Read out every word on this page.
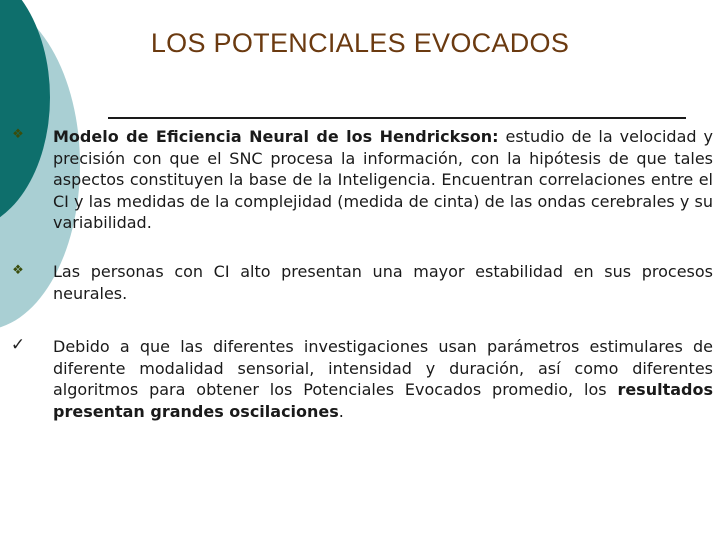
LOS POTENCIALES EVOCADOS
❖ Modelo de Eficiencia Neural de los Hendrickson: estudio de la velocidad y precisión con que el SNC procesa la información, con la hipótesis de que tales aspectos constituyen la base de la Inteligencia. Encuentran correlaciones entre el CI y las medidas de la complejidad (medida de cinta) de las ondas cerebrales y su variabilidad.
❖ Las personas con CI alto presentan una mayor estabilidad en sus procesos neurales.
✓ Debido a que las diferentes investigaciones usan parámetros estimulares de diferente modalidad sensorial, intensidad y duración, así como diferentes algoritmos para obtener los Potenciales Evocados promedio, los resultados presentan grandes oscilaciones.
